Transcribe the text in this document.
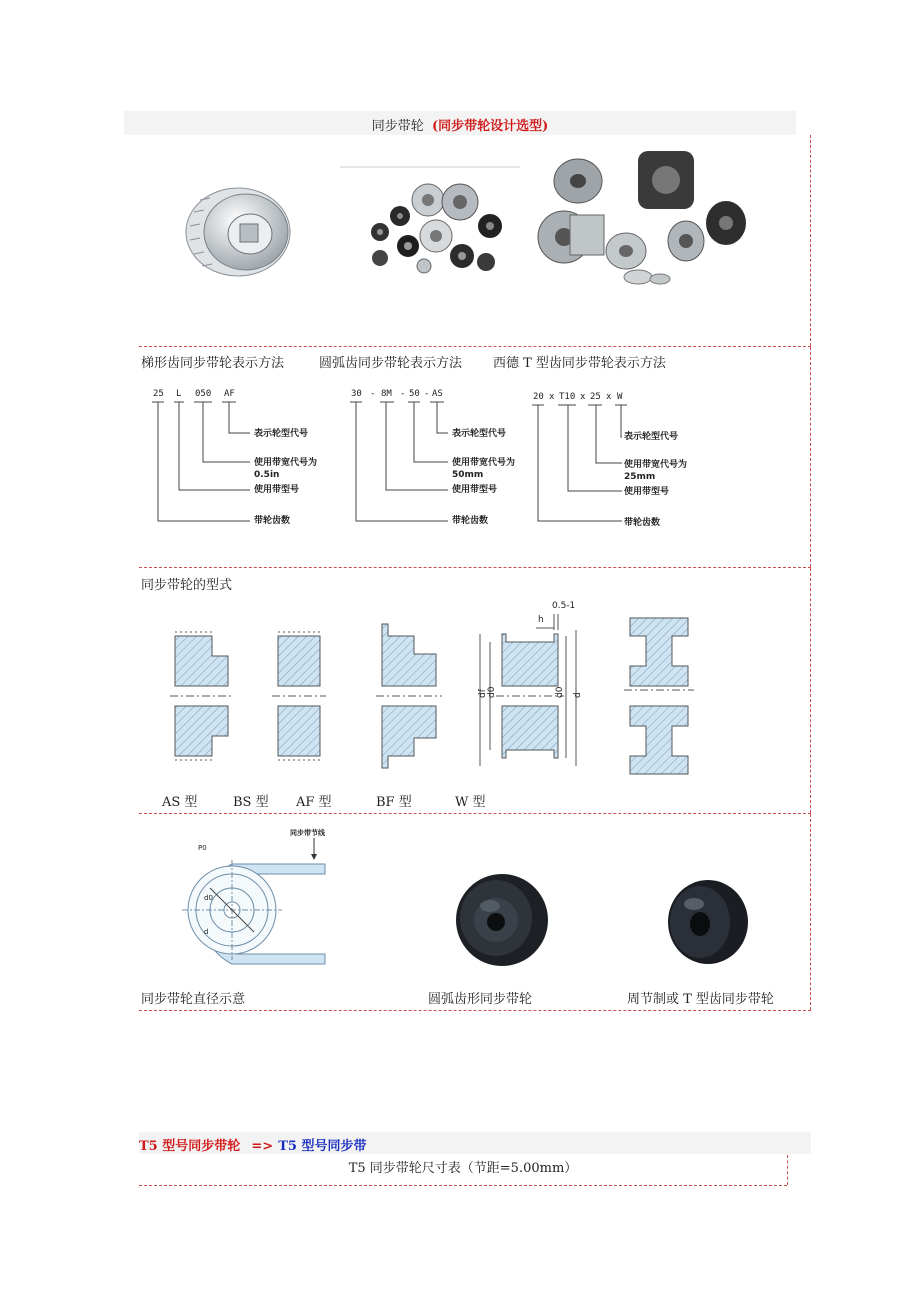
同步带轮 (同步带轮设计选型)
梯形齿同步带轮表示方法	圆弧齿同步带轮表示方法 西德 T 型齿同步带轮表示方法
25 L 050 AF
表示轮型代号
使用带宽代号为
0.5in
使用带型号
带轮齿数
30 - 8M - 50 - AS
表示轮型代号
使用带宽代号为
50mm
使用带型号
带轮齿数
20 x T10 x 25 x W
表示轮型代号
使用带宽代号为
25mm
使用带型号
带轮齿数
同步带轮的型式
0.5-1
h
df d0	d0 d
AS 型	BS 型 AF 型	BF 型	W 型
同步带节线
P0
d0
d
同步带轮直径示意	圆弧齿形同步带轮	周节制或 T 型齿同步带轮
T5 型号同步带轮 => T5 型号同步带
T5 同步带轮尺寸表（节距=5.00mm）
